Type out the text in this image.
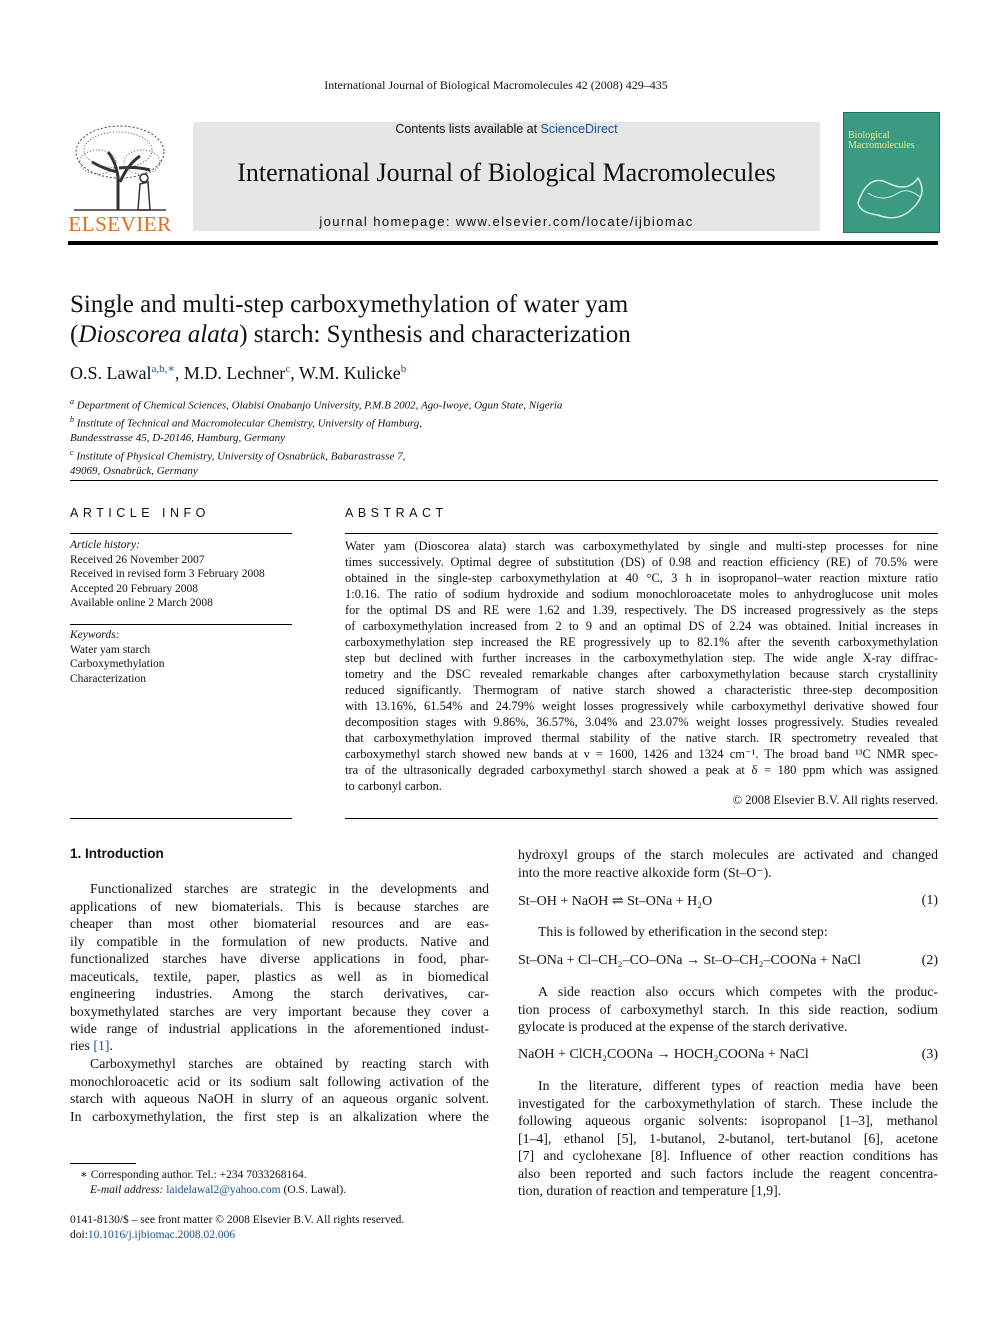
International Journal of Biological Macromolecules 42 (2008) 429–435
ELSEVIER
Contents lists available at ScienceDirect
International Journal of Biological Macromolecules
journal homepage: www.elsevier.com/locate/ijbiomac
Biological
Macromolecules
Single and multi-step carboxymethylation of water yam
(Dioscorea alata) starch: Synthesis and characterization
O.S. Lawal$^{a,b,∗}$, M.D. Lechner$^c$, W.M. Kulicke$^b$
$^a$ Department of Chemical Sciences, Olabisi Onabanjo University, P.M.B 2002, Ago-Iwoye, Ogun State, Nigeria
$^b$ Institute of Technical and Macromolecular Chemistry, University of Hamburg,
Bundesstrasse 45, D-20146, Hamburg, Germany
$^c$ Institute of Physical Chemistry, University of Osnabrück, Babarastrasse 7,
49069, Osnabrück, Germany
ARTICLE INFO
Article history:
Received 26 November 2007
Received in revised form 3 February 2008
Accepted 20 February 2008
Available online 2 March 2008
Keywords:
Water yam starch
Carboxymethylation
Characterization
ABSTRACT
Water yam (Dioscorea alata) starch was carboxymethylated by single and multi-step processes for nine
times successively. Optimal degree of substitution (DS) of 0.98 and reaction efficiency (RE) of 70.5% were
obtained in the single-step carboxymethylation at 40 °C, 3 h in isopropanol–water reaction mixture ratio
1:0.16. The ratio of sodium hydroxide and sodium monochloroacetate moles to anhydroglucose unit moles
for the optimal DS and RE were 1.62 and 1.39, respectively. The DS increased progressively as the steps
of carboxymethylation increased from 2 to 9 and an optimal DS of 2.24 was obtained. Initial increases in
carboxymethylation step increased the RE progressively up to 82.1% after the seventh carboxymethylation
step but declined with further increases in the carboxymethylation step. The wide angle X-ray diffrac-
tometry and the DSC revealed remarkable changes after carboxymethylation because starch crystallinity
reduced significantly. Thermogram of native starch showed a characteristic three-step decomposition
with 13.16%, 61.54% and 24.79% weight losses progressively while carboxymethyl derivative showed four
decomposition stages with 9.86%, 36.57%, 3.04% and 23.07% weight losses progressively. Studies revealed
that carboxymethylation improved thermal stability of the native starch. IR spectrometry revealed that
carboxymethyl starch showed new bands at ν = 1600, 1426 and 1324 cm⁻¹. The broad band ¹³C NMR spec-
tra of the ultrasonically degraded carboxymethyl starch showed a peak at δ = 180 ppm which was assigned
to carbonyl carbon.
© 2008 Elsevier B.V. All rights reserved.
1. Introduction
Functionalized starches are strategic in the developments and
applications of new biomaterials. This is because starches are
cheaper than most other biomaterial resources and are eas-
ily compatible in the formulation of new products. Native and
functionalized starches have diverse applications in food, phar-
maceuticals, textile, paper, plastics as well as in biomedical
engineering industries. Among the starch derivatives, car-
boxymethylated starches are very important because they cover a
wide range of industrial applications in the aforementioned indust-
ries [1].
Carboxymethyl starches are obtained by reacting starch with
monochloroacetic acid or its sodium salt following activation of the
starch with aqueous NaOH in slurry of an aqueous organic solvent.
In carboxymethylation, the first step is an alkalization where the
∗ Corresponding author. Tel.: +234 7033268164.
E-mail address: laidelawal2@yahoo.com (O.S. Lawal).
0141-8130/$ – see front matter © 2008 Elsevier B.V. All rights reserved.
doi:10.1016/j.ijbiomac.2008.02.006
hydroxyl groups of the starch molecules are activated and changed
into the more reactive alkoxide form (St–O⁻).
St–OH + NaOH ⇌ St–ONa + H₂O	(1)
This is followed by etherification in the second step:
St–ONa + Cl–CH₂–CO–ONa → St–O–CH₂–COONa + NaCl	(2)
A side reaction also occurs which competes with the produc-
tion process of carboxymethyl starch. In this side reaction, sodium
gylocate is produced at the expense of the starch derivative.
NaOH + ClCH₂COONa → HOCH₂COONa + NaCl	(3)
In the literature, different types of reaction media have been
investigated for the carboxymethylation of starch. These include the
following aqueous organic solvents: isopropanol [1–3], methanol
[1–4], ethanol [5], 1-butanol, 2-butanol, tert-butanol [6], acetone
[7] and cyclohexane [8]. Influence of other reaction conditions has
also been reported and such factors include the reagent concentra-
tion, duration of reaction and temperature [1,9].
